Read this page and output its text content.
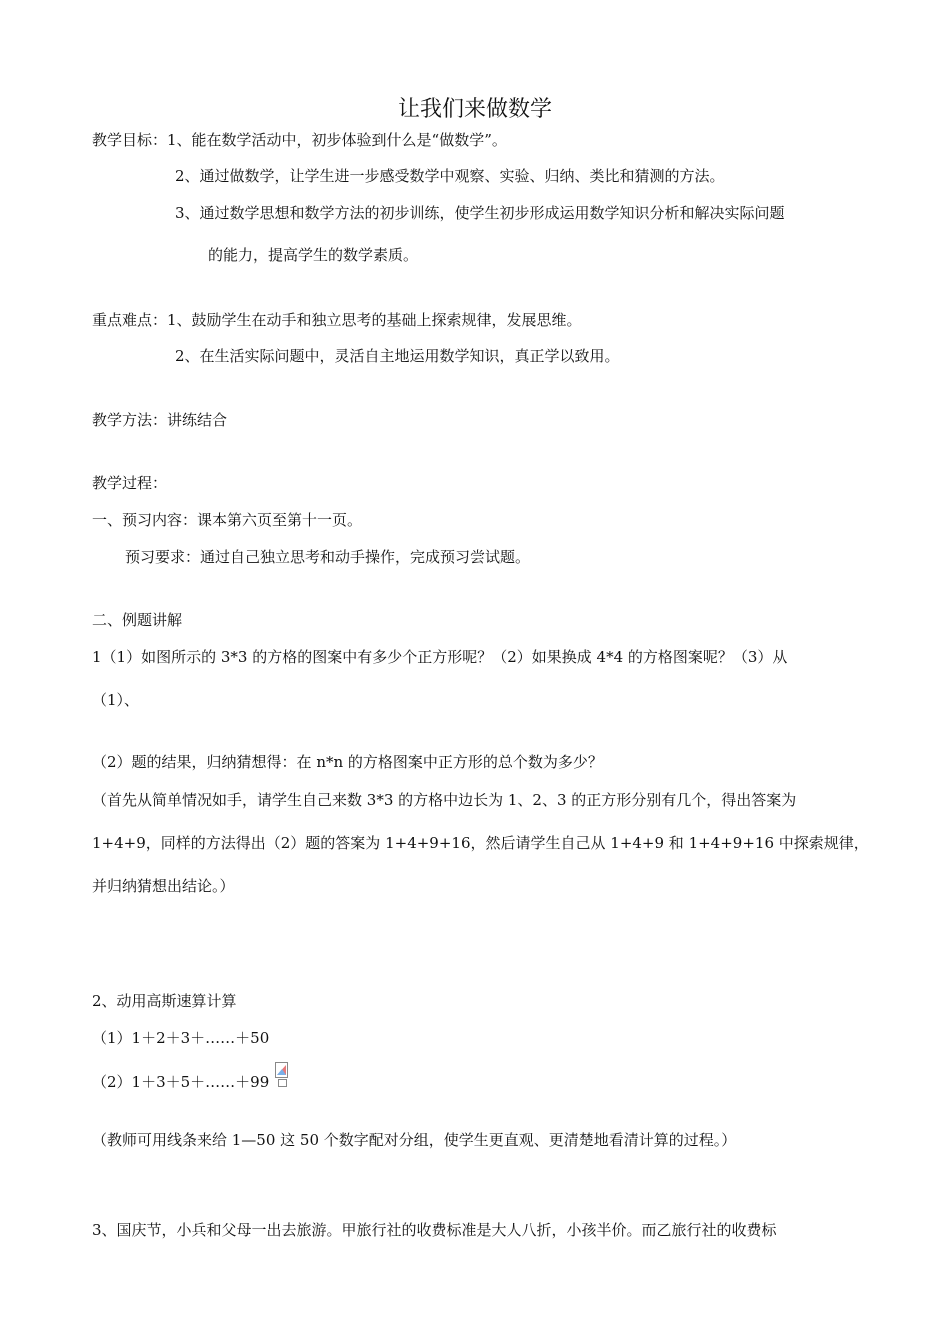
让我们来做数学
教学目标：1、能在数学活动中，初步体验到什么是“做数学”。
2、通过做数学，让学生进一步感受数学中观察、实验、归纳、类比和猜测的方法。
3、通过数学思想和数学方法的初步训练，使学生初步形成运用数学知识分析和解决实际问题
的能力，提高学生的数学素质。
重点难点：1、鼓励学生在动手和独立思考的基础上探索规律，发展思维。
2、在生活实际问题中，灵活自主地运用数学知识，真正学以致用。
教学方法：讲练结合
教学过程：
一、预习内容：课本第六页至第十一页。
预习要求：通过自己独立思考和动手操作，完成预习尝试题。
二、例题讲解
1（1）如图所示的 3*3 的方格的图案中有多少个正方形呢？（2）如果换成 4*4 的方格图案呢？（3）从
（1）、
（2）题的结果，归纳猜想得：在 n*n 的方格图案中正方形的总个数为多少？
（首先从简单情况如手，请学生自己来数 3*3 的方格中边长为 1、2、3 的正方形分别有几个，得出答案为
1+4+9，同样的方法得出（2）题的答案为 1+4+9+16，然后请学生自己从 1+4+9 和 1+4+9+16 中探索规律，
并归纳猜想出结论。）
2、动用高斯速算计算
（1）1＋2＋3＋……＋50
（2）1＋3＋5＋……＋99
（教师可用线条来给 1—50 这 50 个数字配对分组，使学生更直观、更清楚地看清计算的过程。）
3、国庆节，小兵和父母一出去旅游。甲旅行社的收费标准是大人八折，小孩半价。而乙旅行社的收费标
